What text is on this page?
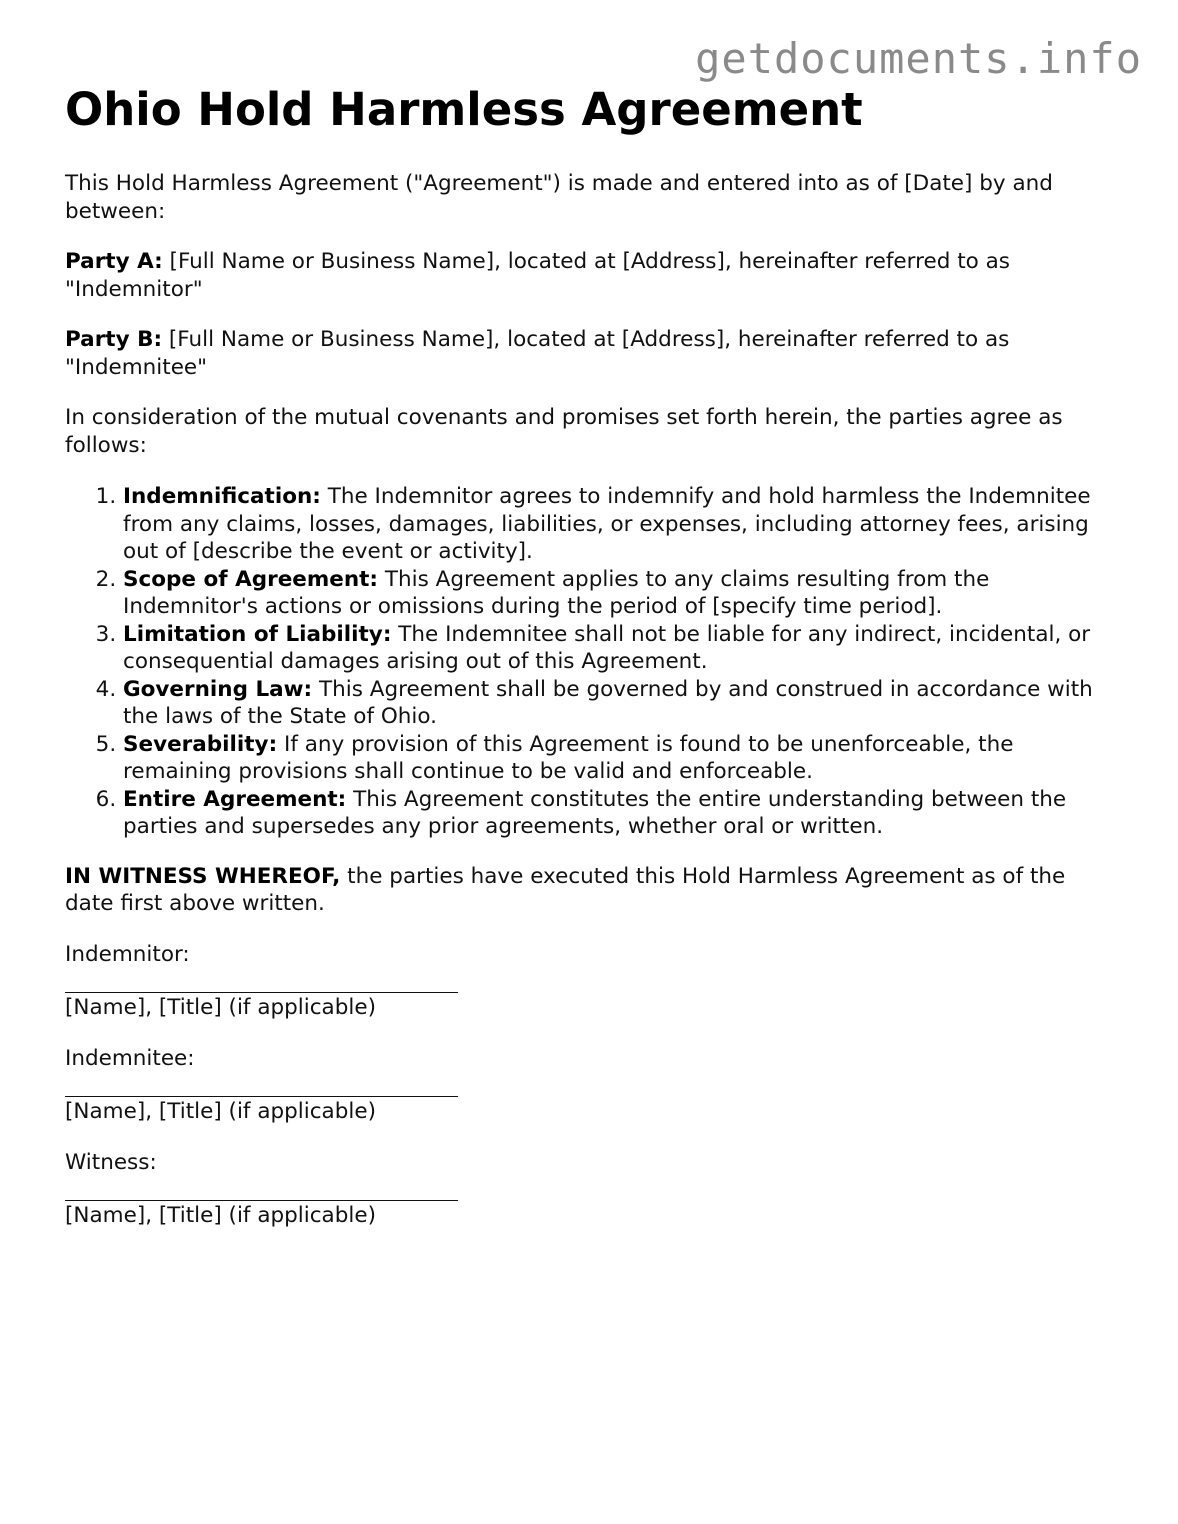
getdocuments.info
Ohio Hold Harmless Agreement

This Hold Harmless Agreement ("Agreement") is made and entered into as of [Date] by and between:

Party A: [Full Name or Business Name], located at [Address], hereinafter referred to as "Indemnitor"

Party B: [Full Name or Business Name], located at [Address], hereinafter referred to as "Indemnitee"

In consideration of the mutual covenants and promises set forth herein, the parties agree as follows:

1. Indemnification: The Indemnitor agrees to indemnify and hold harmless the Indemnitee from any claims, losses, damages, liabilities, or expenses, including attorney fees, arising out of [describe the event or activity].
2. Scope of Agreement: This Agreement applies to any claims resulting from the Indemnitor's actions or omissions during the period of [specify time period].
3. Limitation of Liability: The Indemnitee shall not be liable for any indirect, incidental, or consequential damages arising out of this Agreement.
4. Governing Law: This Agreement shall be governed by and construed in accordance with the laws of the State of Ohio.
5. Severability: If any provision of this Agreement is found to be unenforceable, the remaining provisions shall continue to be valid and enforceable.
6. Entire Agreement: This Agreement constitutes the entire understanding between the parties and supersedes any prior agreements, whether oral or written.

IN WITNESS WHEREOF, the parties have executed this Hold Harmless Agreement as of the date first above written.

Indemnitor:

[Name], [Title] (if applicable)

Indemnitee:

[Name], [Title] (if applicable)

Witness:

[Name], [Title] (if applicable)
